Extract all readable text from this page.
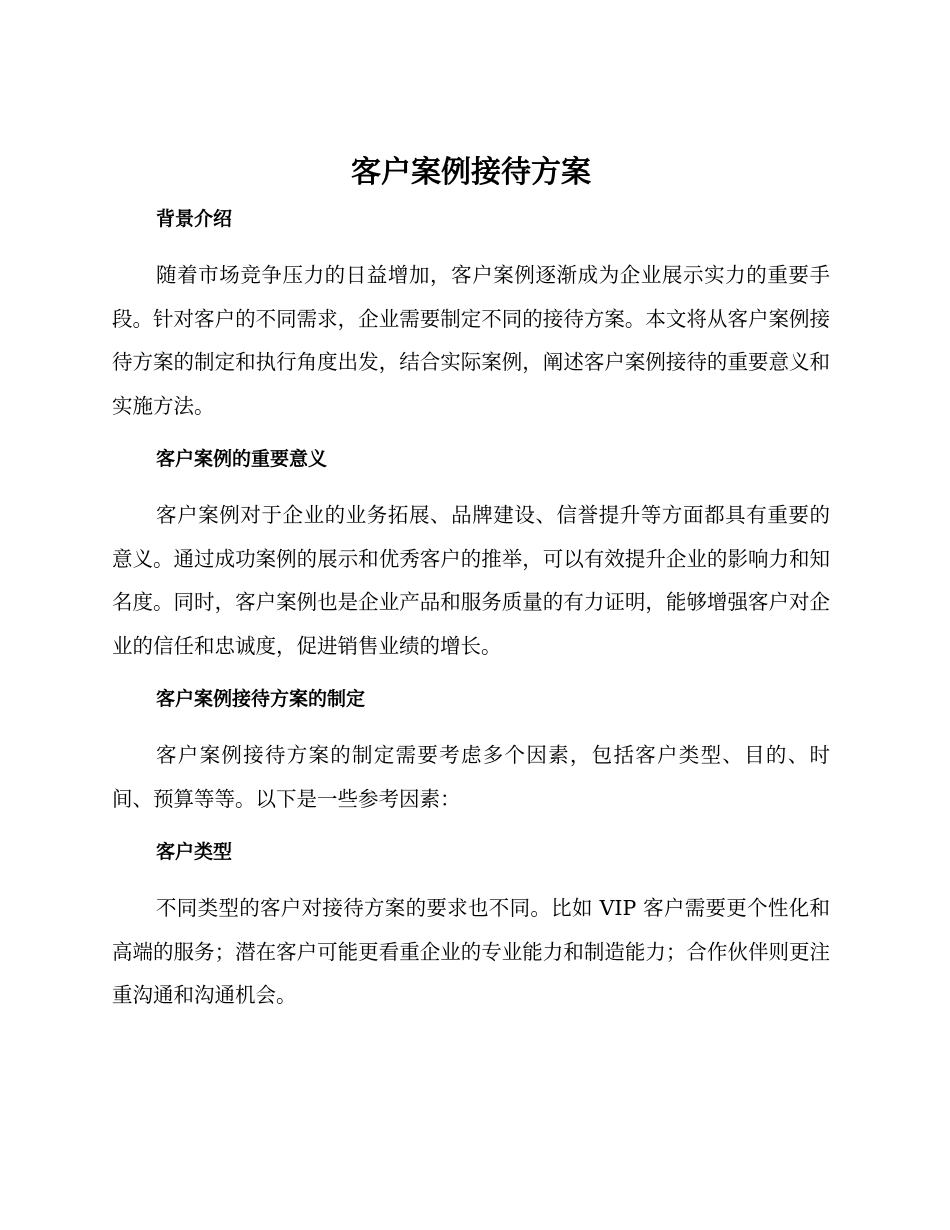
客户案例接待方案
背景介绍

随着市场竞争压力的日益增加，客户案例逐渐成为企业展示实力的重要手段。针对客户的不同需求，企业需要制定不同的接待方案。本文将从客户案例接待方案的制定和执行角度出发，结合实际案例，阐述客户案例接待的重要意义和实施方法。

客户案例的重要意义

客户案例对于企业的业务拓展、品牌建设、信誉提升等方面都具有重要的意义。通过成功案例的展示和优秀客户的推举，可以有效提升企业的影响力和知名度。同时，客户案例也是企业产品和服务质量的有力证明，能够增强客户对企业的信任和忠诚度，促进销售业绩的增长。

客户案例接待方案的制定

客户案例接待方案的制定需要考虑多个因素，包括客户类型、目的、时间、预算等等。以下是一些参考因素：

客户类型

不同类型的客户对接待方案的要求也不同。比如 VIP 客户需要更个性化和高端的服务；潜在客户可能更看重企业的专业能力和制造能力；合作伙伴则更注重沟通和沟通机会。
